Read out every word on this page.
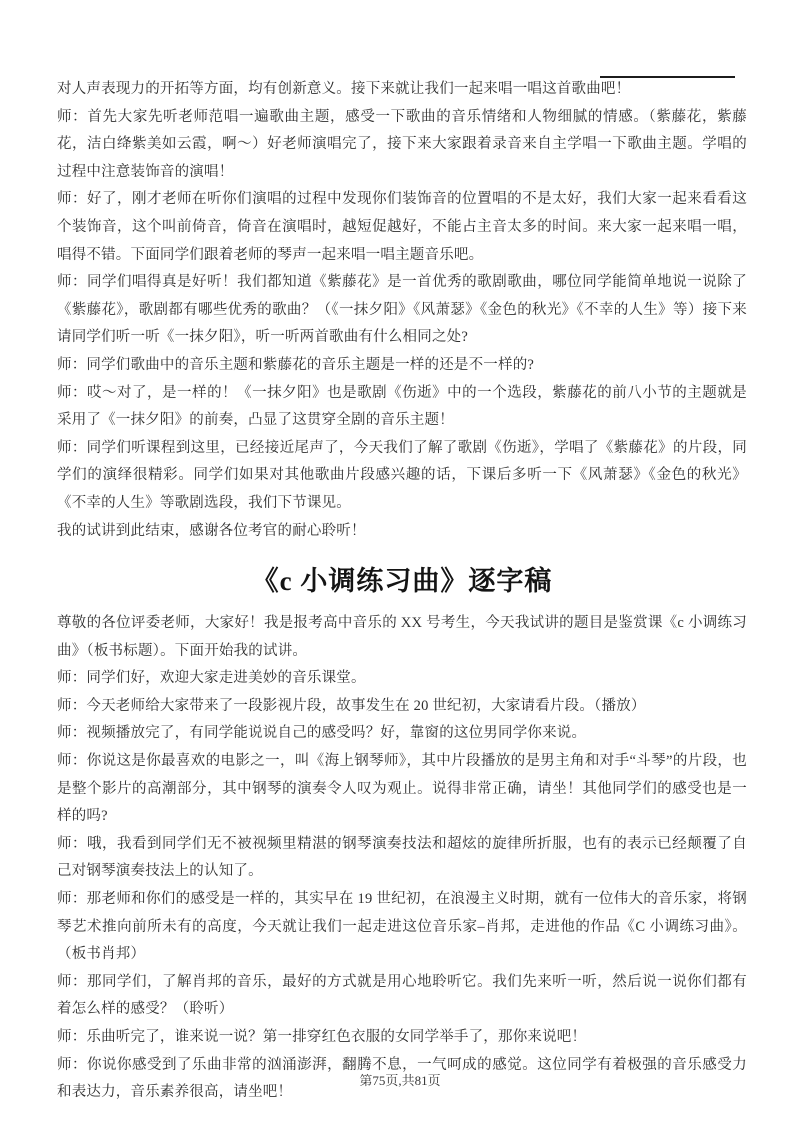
对人声表现力的开拓等方面，均有创新意义。接下来就让我们一起来唱一唱这首歌曲吧！

师：首先大家先听老师范唱一遍歌曲主题，感受一下歌曲的音乐情绪和人物细腻的情感。（紫藤花，紫藤花，洁白绛紫美如云霞，啊～）好老师演唱完了，接下来大家跟着录音来自主学唱一下歌曲主题。学唱的过程中注意装饰音的演唱！

师：好了，刚才老师在听你们演唱的过程中发现你们装饰音的位置唱的不是太好，我们大家一起来看看这个装饰音，这个叫前倚音，倚音在演唱时，越短促越好，不能占主音太多的时间。来大家一起来唱一唱，唱得不错。下面同学们跟着老师的琴声一起来唱一唱主题音乐吧。

师：同学们唱得真是好听！我们都知道《紫藤花》是一首优秀的歌剧歌曲，哪位同学能简单地说一说除了《紫藤花》，歌剧都有哪些优秀的歌曲？（《一抹夕阳》《风萧瑟》《金色的秋光》《不幸的人生》等）接下来请同学们听一听《一抹夕阳》，听一听两首歌曲有什么相同之处?

师：同学们歌曲中的音乐主题和紫藤花的音乐主题是一样的还是不一样的?

师：哎～对了，是一样的！《一抹夕阳》也是歌剧《伤逝》中的一个选段，紫藤花的前八小节的主题就是采用了《一抹夕阳》的前奏，凸显了这贯穿全剧的音乐主题！

师：同学们听课程到这里，已经接近尾声了，今天我们了解了歌剧《伤逝》，学唱了《紫藤花》的片段，同学们的演绎很精彩。同学们如果对其他歌曲片段感兴趣的话，下课后多听一下《风萧瑟》《金色的秋光》《不幸的人生》等歌剧选段，我们下节课见。

我的试讲到此结束，感谢各位考官的耐心聆听！

《c 小调练习曲》逐字稿

尊敬的各位评委老师，大家好！我是报考高中音乐的 XX 号考生，今天我试讲的题目是鉴赏课《c 小调练习曲》（板书标题）。下面开始我的试讲。

师：同学们好，欢迎大家走进美妙的音乐课堂。

师：今天老师给大家带来了一段影视片段，故事发生在 20 世纪初，大家请看片段。（播放）

师：视频播放完了，有同学能说说自己的感受吗？好，靠窗的这位男同学你来说。

师：你说这是你最喜欢的电影之一，叫《海上钢琴师》，其中片段播放的是男主角和对手“斗琴”的片段，也是整个影片的高潮部分，其中钢琴的演奏令人叹为观止。说得非常正确，请坐！其他同学们的感受也是一样的吗?

师：哦，我看到同学们无不被视频里精湛的钢琴演奏技法和超炫的旋律所折服，也有的表示已经颠覆了自己对钢琴演奏技法上的认知了。

师：那老师和你们的感受是一样的，其实早在 19 世纪初，在浪漫主义时期，就有一位伟大的音乐家，将钢琴艺术推向前所未有的高度，今天就让我们一起走进这位音乐家–肖邦，走进他的作品《C 小调练习曲》。（板书肖邦）

师：那同学们，了解肖邦的音乐，最好的方式就是用心地聆听它。我们先来听一听，然后说一说你们都有着怎么样的感受？（聆听）

师：乐曲听完了，谁来说一说？第一排穿红色衣服的女同学举手了，那你来说吧！

师：你说你感受到了乐曲非常的汹涌澎湃，翻腾不息，一气呵成的感觉。这位同学有着极强的音乐感受力和表达力，音乐素养很高，请坐吧！

第75页,共81页
